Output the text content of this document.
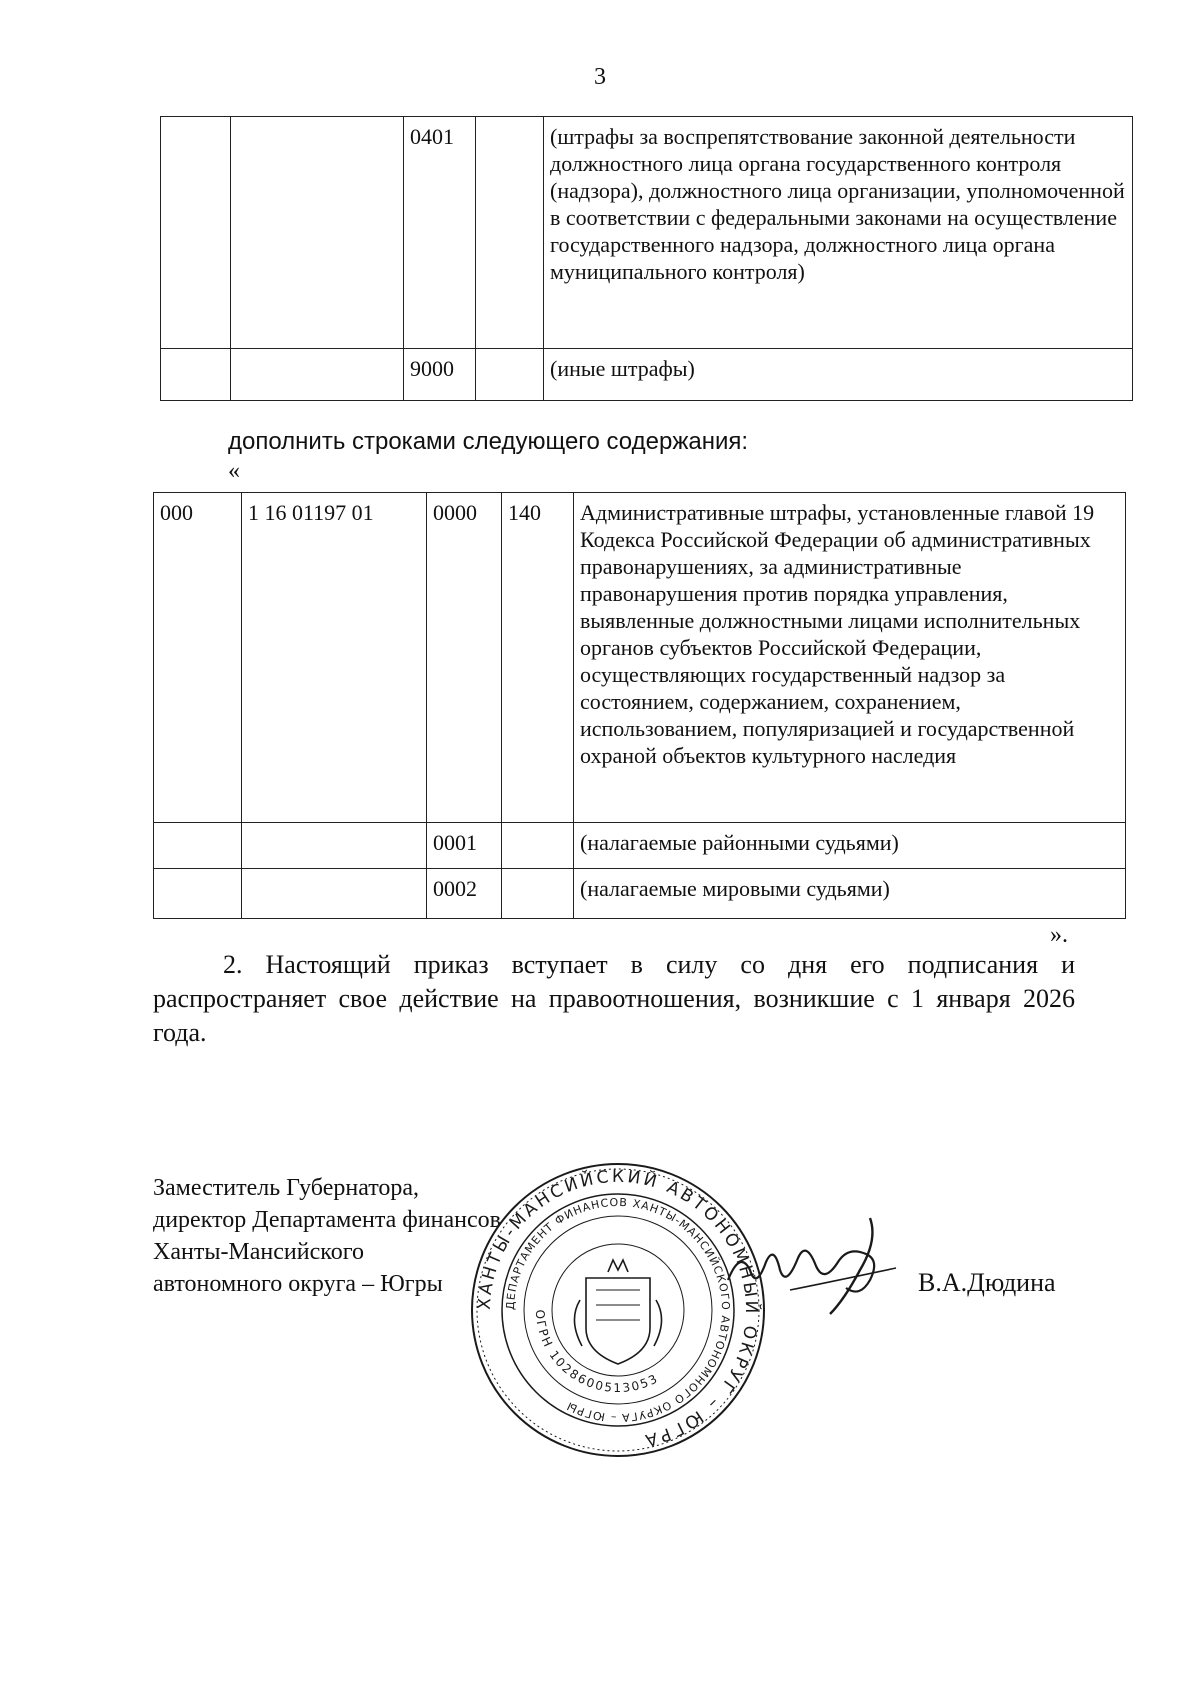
3
		0401		(штрафы за воспрепятствование законной деятельности должностного лица органа государственного контроля (надзора), должностного лица организации, уполномоченной в соответствии с федеральными законами на осуществление государственного надзора, должностного лица органа муниципального контроля)
		9000		(иные штрафы)
дополнить строками следующего содержания:
«
000	1 16 01197 01	0000	140	Административные штрафы, установленные главой 19 Кодекса Российской Федерации об административных правонарушениях, за административные правонарушения против порядка управления, выявленные должностными лицами исполнительных органов субъектов Российской Федерации, осуществляющих государственный надзор за состоянием, содержанием, сохранением, использованием, популяризацией и государственной охраной объектов культурного наследия
		0001		(налагаемые районными судьями)
		0002		(налагаемые мировыми судьями)
».
2. Настоящий приказ вступает в силу со дня его подписания и распространяет свое действие на правоотношения, возникшие с 1 января 2026 года.
Заместитель Губернатора,
директор Департамента финансов
Ханты-Мансийского
автономного округа – Югры
ХАНТЫ-МАНСИЙСКИЙ АВТОНОМНЫЙ ОКРУГ – ЮГРА
ДЕПАРТАМЕНТ ФИНАНСОВ ХАНТЫ-МАНСИЙСКОГО АВТОНОМНОГО ОКРУГА – ЮГРЫ
ОГРН 1028600513053
В.А.Дюдина
